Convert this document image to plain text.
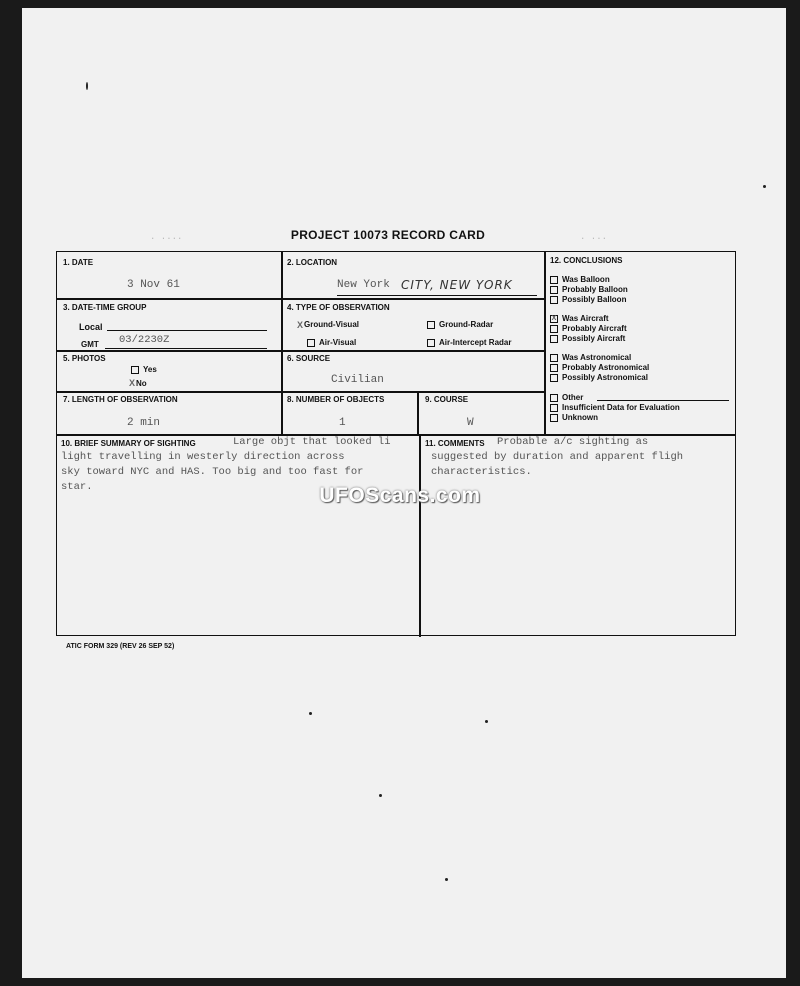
· ····	· ···
PROJECT 10073 RECORD CARD
1. DATE
3 Nov 61
2. LOCATION
New York CITY, NEW YORK
3. DATE-TIME GROUP
Local
GMT 03/2230Z
4. TYPE OF OBSERVATION
XGround-Visual	Ground-Radar
Air-Visual	Air-Intercept Radar
5. PHOTOS
Yes
XNo
6. SOURCE
Civilian
7. LENGTH OF OBSERVATION
2 min
8. NUMBER OF OBJECTS
1
9. COURSE
W
12. CONCLUSIONS
Was Balloon
Probably Balloon
Possibly Balloon
X Was Aircraft
Probably Aircraft
Possibly Aircraft
Was Astronomical
Probably Astronomical
Possibly Astronomical
Other
Insufficient Data for Evaluation
Unknown
10. BRIEF SUMMARY OF SIGHTING	Large objt that looked li
light travelling in westerly direction across
sky toward NYC and HAS. Too big and too fast for
star.
11. COMMENTS	Probable a/c sighting as
suggested by duration and apparent fligh
characteristics.
UFOScans.com
ATIC FORM 329 (REV 26 SEP 52)
